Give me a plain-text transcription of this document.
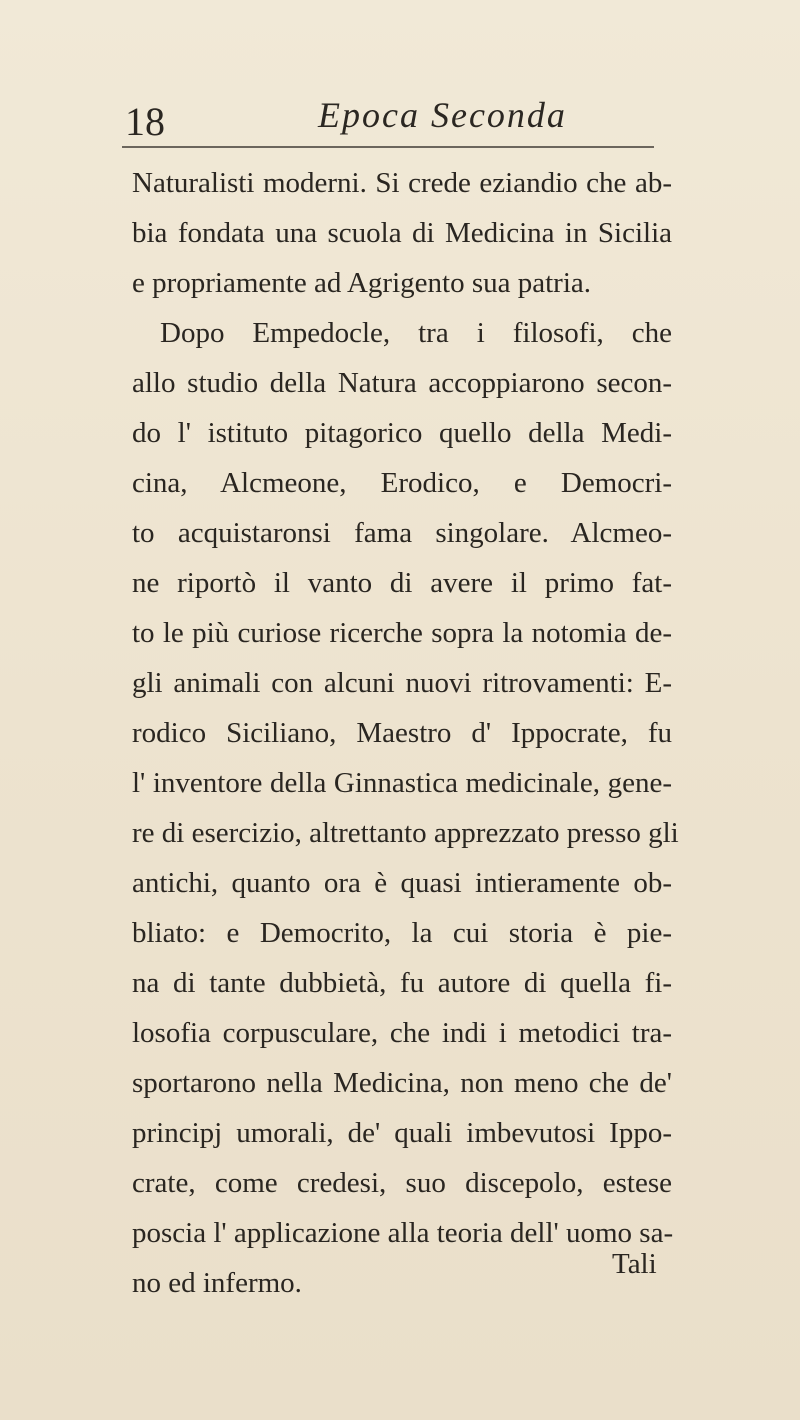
18	Epoca Seconda
Naturalisti moderni. Si crede eziandio che ab-
bia fondata una scuola di Medicina in Sicilia
e propriamente ad Agrigento sua patria.
Dopo Empedocle, tra i filosofi, che
allo studio della Natura accoppiarono secon-
do l' istituto pitagorico quello della Medi-
cina, Alcmeone, Erodico, e Democri-
to acquistaronsi fama singolare. Alcmeo-
ne riportò il vanto di avere il primo fat-
to le più curiose ricerche sopra la notomia de-
gli animali con alcuni nuovi ritrovamenti: E-
rodico Siciliano, Maestro d' Ippocrate, fu
l' inventore della Ginnastica medicinale, gene-
re di esercizio, altrettanto apprezzato presso gli
antichi, quanto ora è quasi intieramente ob-
bliato: e Democrito, la cui storia è pie-
na di tante dubbietà, fu autore di quella fi-
losofia corpusculare, che indi i metodici tra-
sportarono nella Medicina, non meno che de'
principj umorali, de' quali imbevutosi Ippo-
crate, come credesi, suo discepolo, estese
poscia l' applicazione alla teoria dell' uomo sa-
no ed infermo.
Tali
